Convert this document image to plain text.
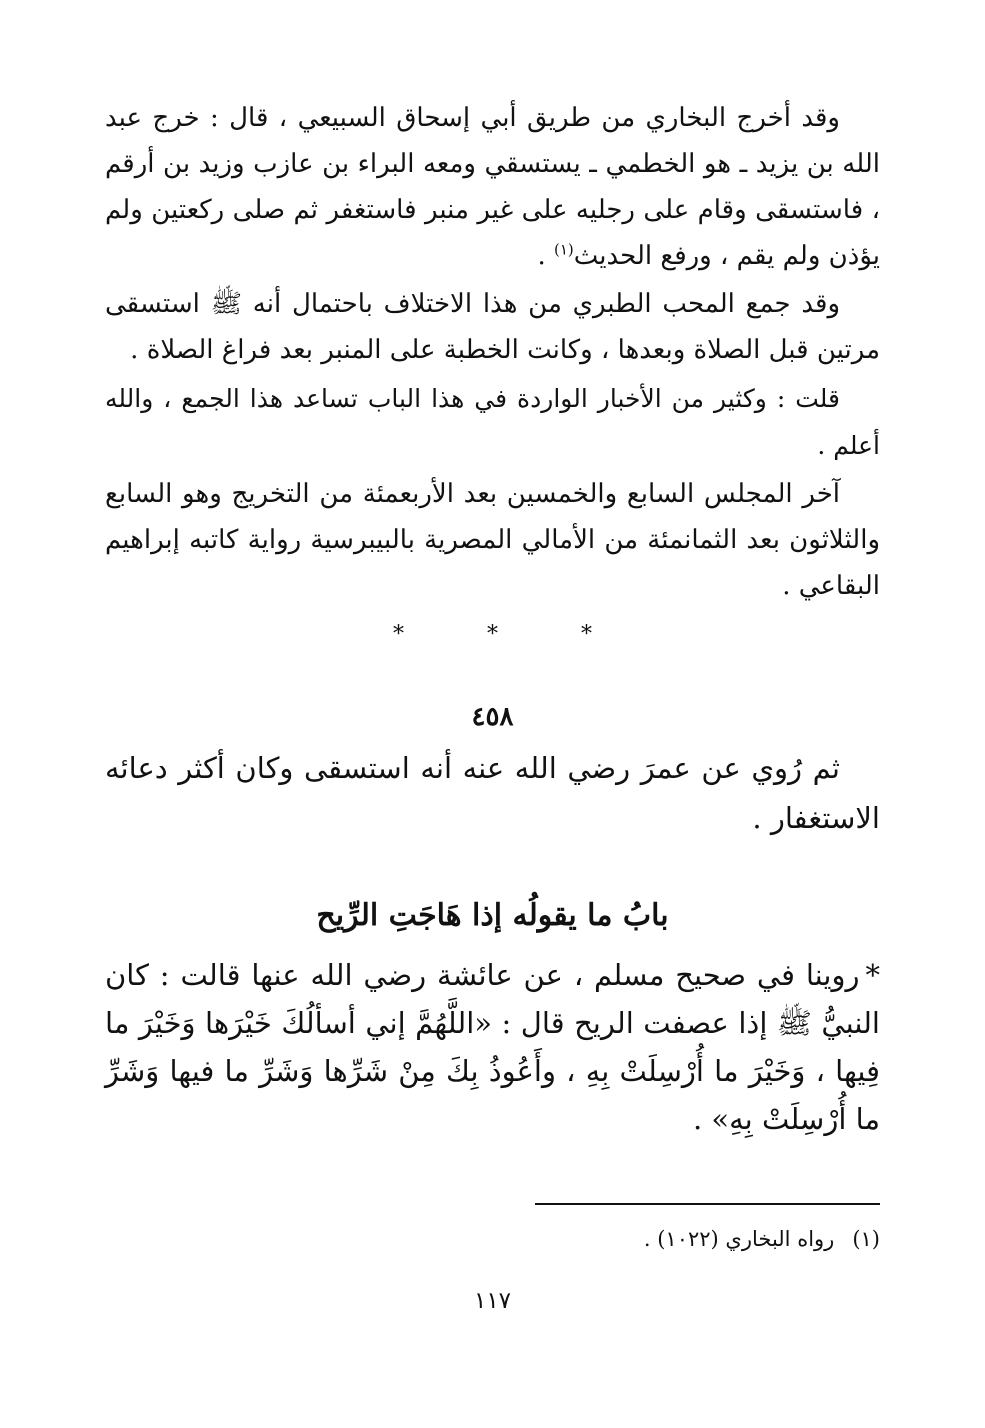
وقد أخرج البخاري من طريق أبي إسحاق السبيعي ، قال : خرج عبد الله بن يزيد ـ هو الخطمي ـ يستسقي ومعه البراء بن عازب وزيد بن أرقم ، فاستسقى وقام على رجليه على غير منبر فاستغفر ثم صلى ركعتين ولم يؤذن ولم يقم ، ورفع الحديث$^{(١)}$ .

وقد جمع المحب الطبري من هذا الاختلاف باحتمال أنه ﷺ استسقى مرتين قبل الصلاة وبعدها ، وكانت الخطبة على المنبر بعد فراغ الصلاة .

قلت : وكثير من الأخبار الواردة في هذا الباب تساعد هذا الجمع ، والله أعلم .

آخر المجلس السابع والخمسين بعد الأربعمئة من التخريج وهو السابع والثلاثون بعد الثمانمئة من الأمالي المصرية بالبيبرسية رواية كاتبه إبراهيم البقاعي .

* * *
٤٥٨

ثم رُوي عن عمرَ رضي الله عنه أنه استسقى وكان أكثر دعائه الاستغفار .

بابُ ما يقولُه إذا هَاجَتِ الرِّيح

*روينا في صحيح مسلم ، عن عائشة رضي الله عنها قالت : كان النبيُّ ﷺ إذا عصفت الريح قال : «اللَّهُمَّ إني أسألُكَ خَيْرَها وَخَيْرَ ما فِيها ، وَخَيْرَ ما أُرْسِلَتْ بِهِ ، وأَعُوذُ بِكَ مِنْ شَرِّها وَشَرِّ ما فيها وَشَرِّ ما أُرْسِلَتْ بِهِ» .

(١)رواه البخاري (١٠٢٢) .
١١٧
